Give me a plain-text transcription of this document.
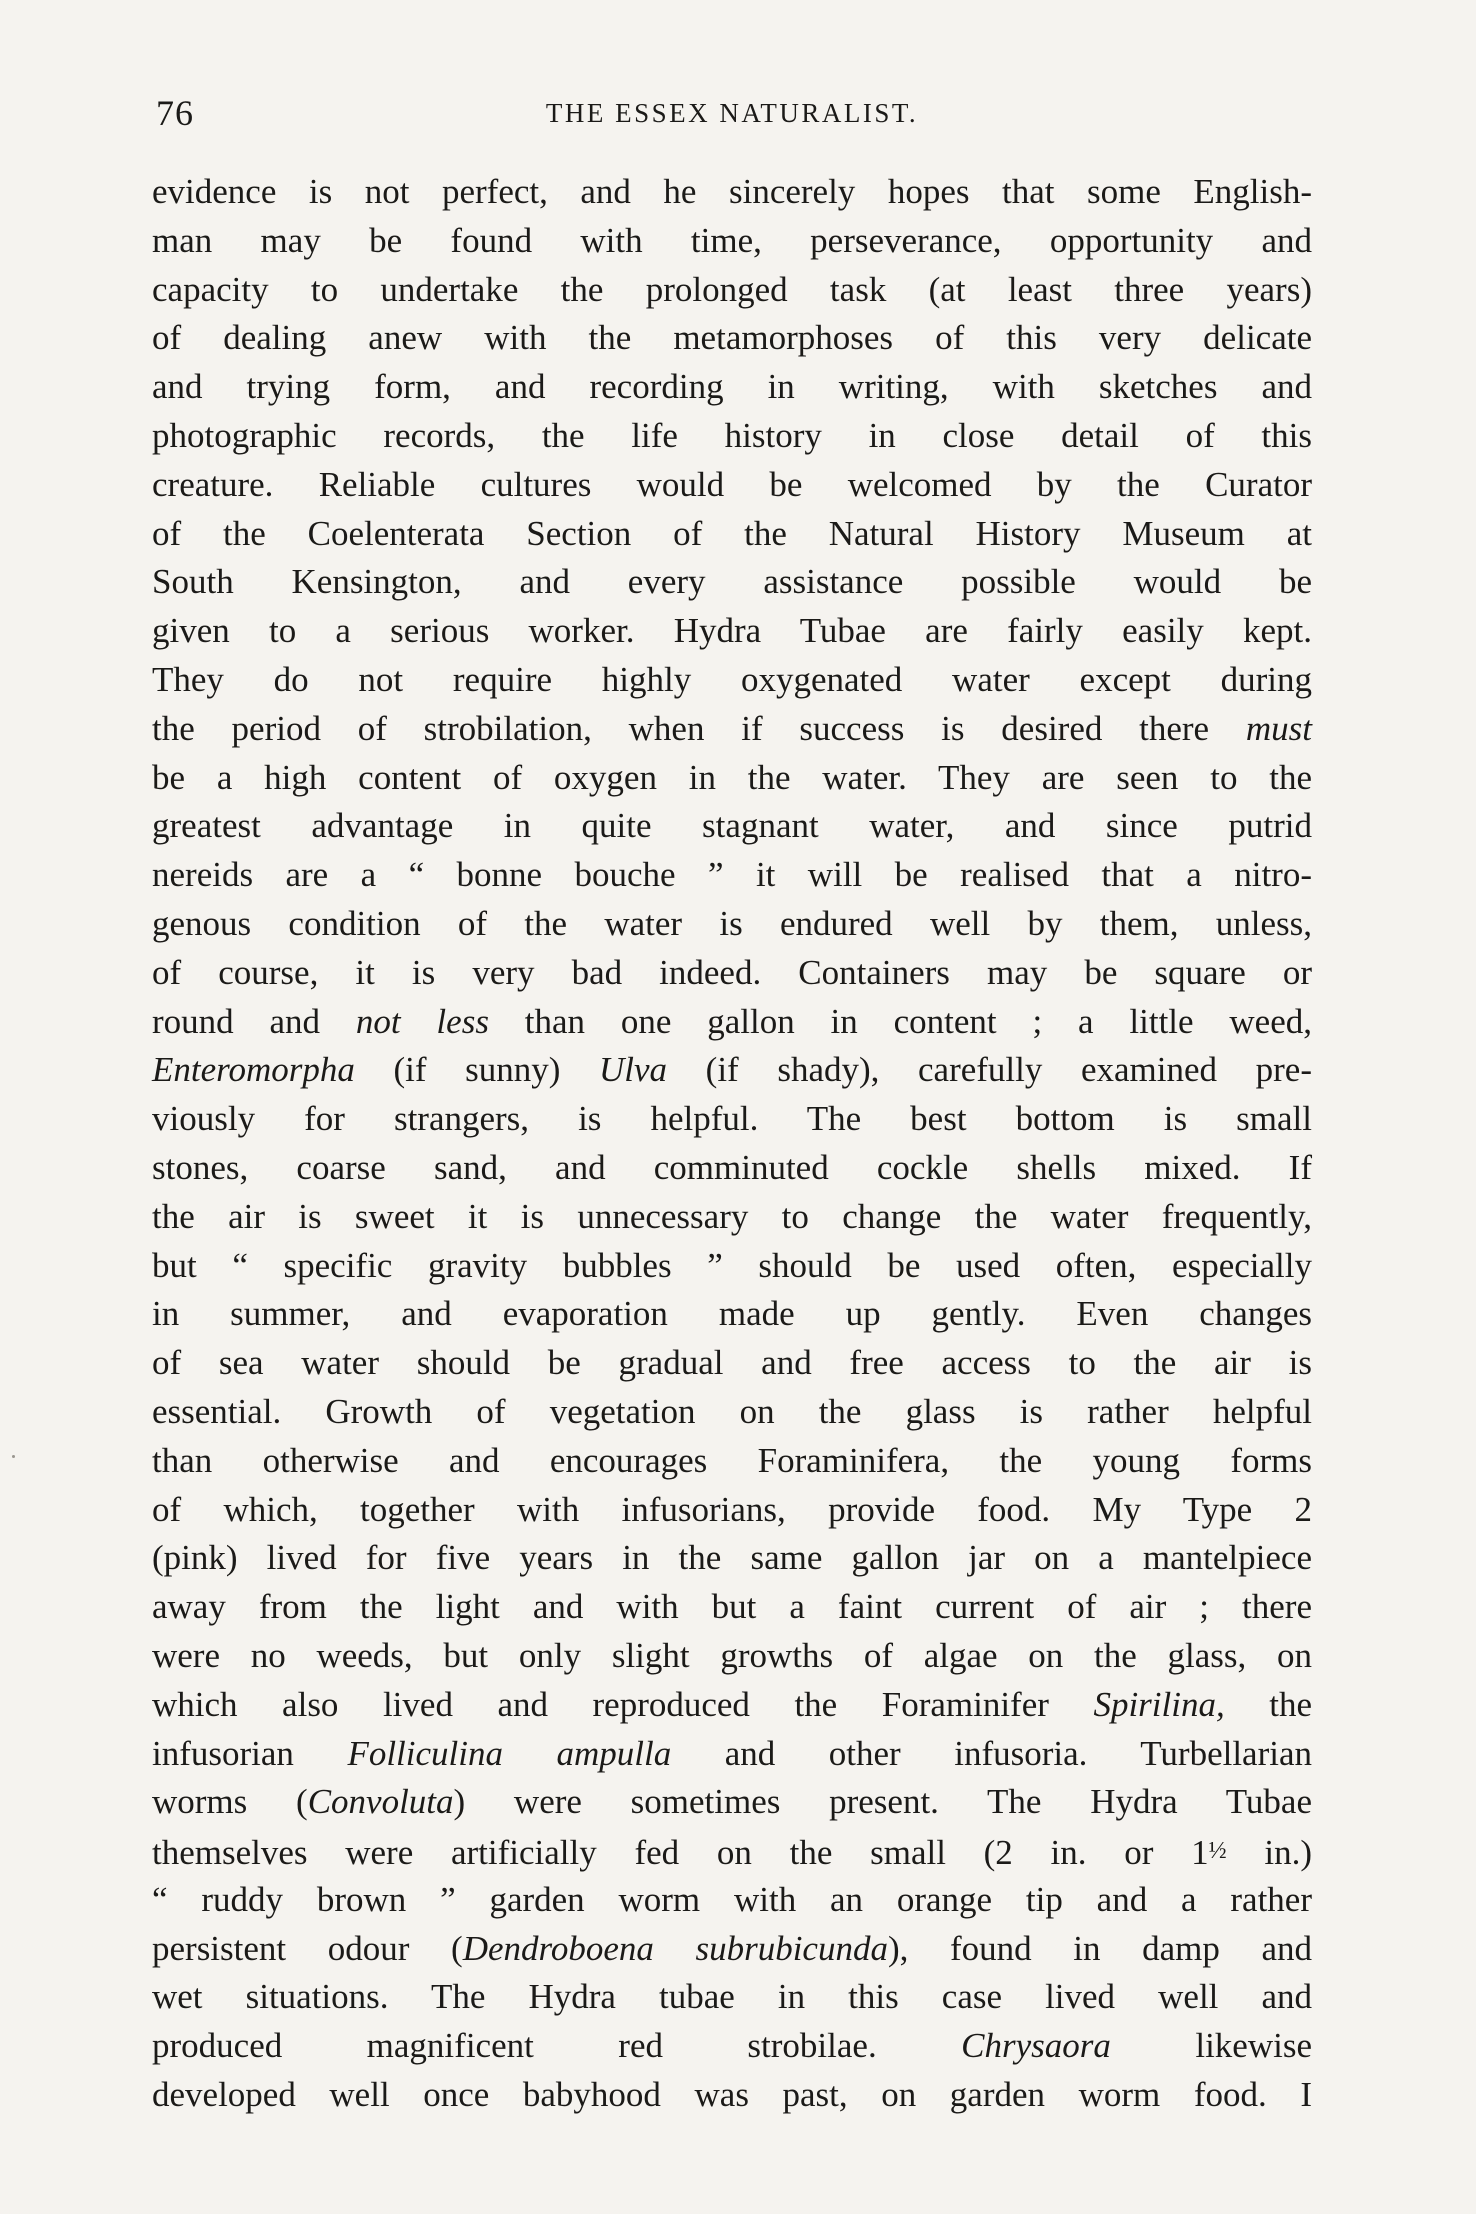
76	THE ESSEX NATURALIST.
evidence is not perfect, and he sincerely hopes that some English-
man may be found with time, perseverance, opportunity and
capacity to undertake the prolonged task (at least three years)
of dealing anew with the metamorphoses of this very delicate
and trying form, and recording in writing, with sketches and
photographic records, the life history in close detail of this
creature. Reliable cultures would be welcomed by the Curator
of the Coelenterata Section of the Natural History Museum at
South Kensington, and every assistance possible would be
given to a serious worker. Hydra Tubae are fairly easily kept.
They do not require highly oxygenated water except during
the period of strobilation, when if success is desired there must
be a high content of oxygen in the water. They are seen to the
greatest advantage in quite stagnant water, and since putrid
nereids are a “ bonne bouche ” it will be realised that a nitro-
genous condition of the water is endured well by them, unless,
of course, it is very bad indeed. Containers may be square or
round and not less than one gallon in content ; a little weed,
Enteromorpha (if sunny) Ulva (if shady), carefully examined pre-
viously for strangers, is helpful. The best bottom is small
stones, coarse sand, and comminuted cockle shells mixed. If
the air is sweet it is unnecessary to change the water frequently,
but “ specific gravity bubbles ” should be used often, especially
in summer, and evaporation made up gently. Even changes
of sea water should be gradual and free access to the air is
essential. Growth of vegetation on the glass is rather helpful
than otherwise and encourages Foraminifera, the young forms
of which, together with infusorians, provide food. My Type 2
(pink) lived for five years in the same gallon jar on a mantelpiece
away from the light and with but a faint current of air ; there
were no weeds, but only slight growths of algae on the glass, on
which also lived and reproduced the Foraminifer Spirilina, the
infusorian Folliculina ampulla and other infusoria. Turbellarian
worms (Convoluta) were sometimes present. The Hydra Tubae
themselves were artificially fed on the small (2 in. or 1½ in.)
“ ruddy brown ” garden worm with an orange tip and a rather
persistent odour (Dendroboena subrubicunda), found in damp and
wet situations. The Hydra tubae in this case lived well and
produced magnificent red strobilae. Chrysaora likewise
developed well once babyhood was past, on garden worm food. I
